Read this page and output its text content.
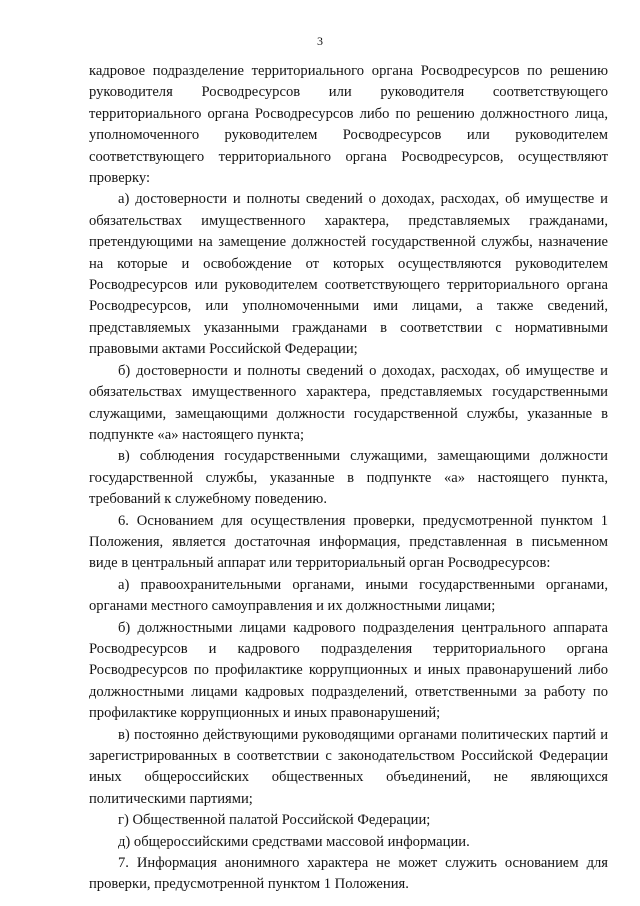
3

кадровое подразделение территориального органа Росводресурсов по решению руководителя Росводресурсов или руководителя соответствующего территориального органа Росводресурсов либо по решению должностного лица, уполномоченного руководителем Росводресурсов или руководителем соответствующего территориального органа Росводресурсов, осуществляют проверку:

а) достоверности и полноты сведений о доходах, расходах, об имуществе и обязательствах имущественного характера, представляемых гражданами, претендующими на замещение должностей государственной службы, назначение на которые и освобождение от которых осуществляются руководителем Росводресурсов или руководителем соответствующего территориального органа Росводресурсов, или уполномоченными ими лицами, а также сведений, представляемых указанными гражданами в соответствии с нормативными правовыми актами Российской Федерации;

б) достоверности и полноты сведений о доходах, расходах, об имуществе и обязательствах имущественного характера, представляемых государственными служащими, замещающими должности государственной службы, указанные в подпункте «а» настоящего пункта;

в) соблюдения государственными служащими, замещающими должности государственной службы, указанные в подпункте «а» настоящего пункта, требований к служебному поведению.

6. Основанием для осуществления проверки, предусмотренной пунктом 1 Положения, является достаточная информация, представленная в письменном виде в центральный аппарат или территориальный орган Росводресурсов:

а) правоохранительными органами, иными государственными органами, органами местного самоуправления и их должностными лицами;

б) должностными лицами кадрового подразделения центрального аппарата Росводресурсов и кадрового подразделения территориального органа Росводресурсов по профилактике коррупционных и иных правонарушений либо должностными лицами кадровых подразделений, ответственными за работу по профилактике коррупционных и иных правонарушений;

в) постоянно действующими руководящими органами политических партий и зарегистрированных в соответствии с законодательством Российской Федерации иных общероссийских общественных объединений, не являющихся политическими партиями;

г) Общественной палатой Российской Федерации;

д) общероссийскими средствами массовой информации.

7. Информация анонимного характера не может служить основанием для проверки, предусмотренной пунктом 1 Положения.
